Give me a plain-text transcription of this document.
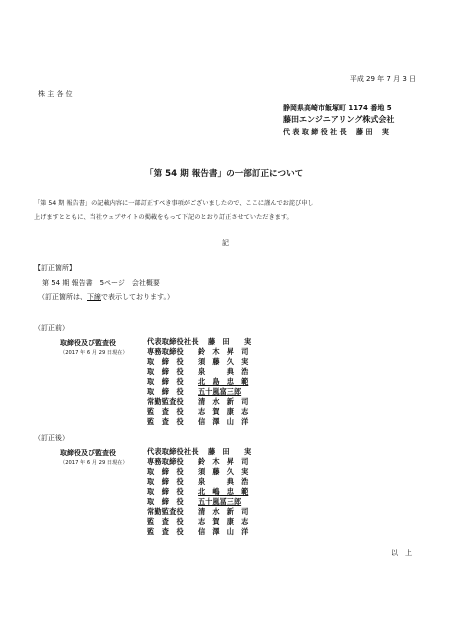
平成 29 年 7 月 3 日
株 主 各 位
静岡県高崎市飯塚町 1174 番地 5
藤田エンジニアリング株式会社
代 表 取 締 役 社 長　 藤 田　 実
「第 54 期 報告書」の一部訂正について
「第 54 期 報告書」の記載内容に一部訂正すべき事項がございましたので、ここに謹んでお詫び申し
上げますとともに、当社ウェブサイトの掲載をもって下記のとおり訂正させていただきます。
記
【訂正箇所】
第 54 期 報告書　5ページ　会社概要
（訂正箇所は、下線で表示しております。）
（訂正前）
取締役及び監査役
（2017 年 6 月 29 日現在）
代表取締役社長 藤　田　　実
専務取締役 鈴　木　昇　司
取　締　役 須　藤　久　実
取　締　役 泉　　　典　浩
取　締　役 北　島　忠　範
取　締　役 五十嵐富三郎
常勤監査役 清　水　新　司
監　査　役 志　賀　康　志
監　査　役 信　澤　山　洋
（訂正後）
取締役及び監査役
（2017 年 6 月 29 日現在）
代表取締役社長 藤　田　　実
専務取締役 鈴　木　昇　司
取　締　役 須　藤　久　実
取　締　役 泉　　　典　浩
取　締　役 北　嶋　忠　範
取　締　役 五十嵐冨三郎
常勤監査役 清　水　新　司
監　査　役 志　賀　康　志
監　査　役 信　澤　山　洋
以　上
